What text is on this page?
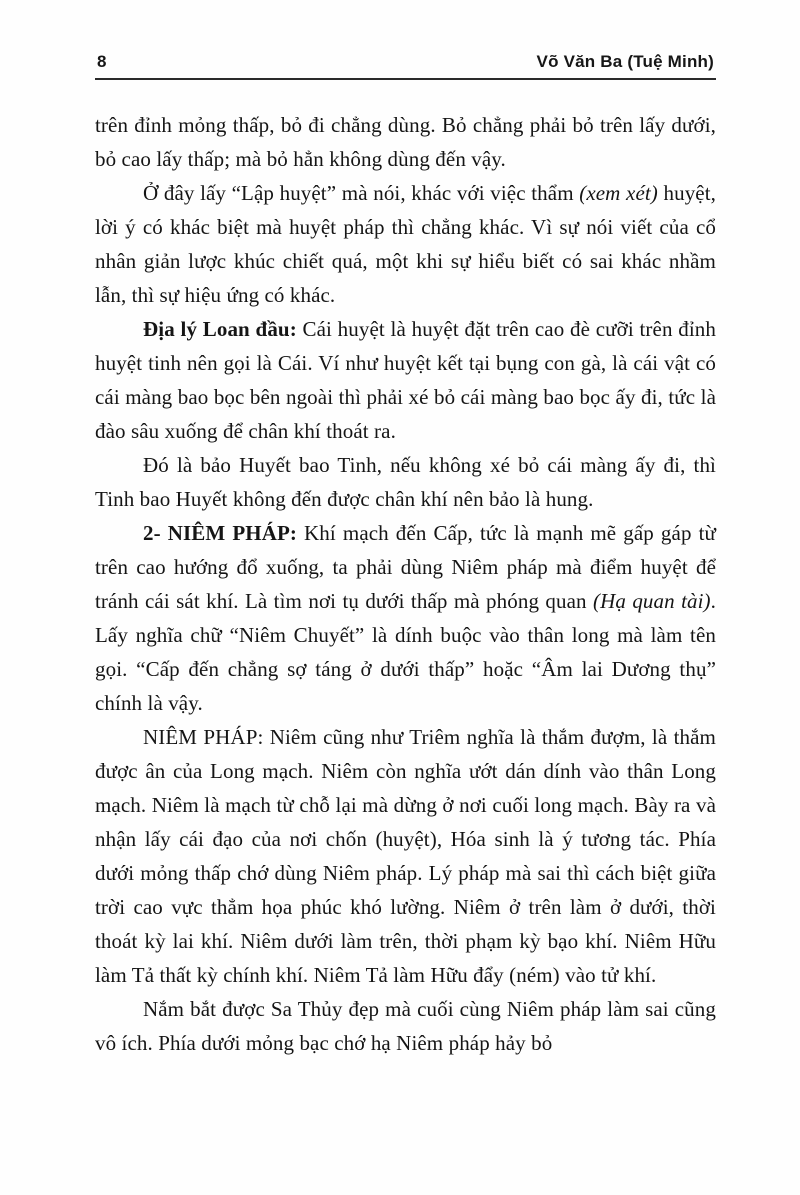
8	Võ Văn Ba (Tuệ Minh)

trên đỉnh mỏng thấp, bỏ đi chẳng dùng. Bỏ chẳng phải bỏ trên lấy dưới, bỏ cao lấy thấp; mà bỏ hẳn không dùng đến vậy.

Ở đây lấy “Lập huyệt” mà nói, khác với việc thẩm (xem xét) huyệt, lời ý có khác biệt mà huyệt pháp thì chẳng khác. Vì sự nói viết của cổ nhân giản lược khúc chiết quá, một khi sự hiểu biết có sai khác nhầm lẫn, thì sự hiệu ứng có khác.

Địa lý Loan đầu: Cái huyệt là huyệt đặt trên cao đè cưỡi trên đỉnh huyệt tinh nên gọi là Cái. Ví như huyệt kết tại bụng con gà, là cái vật có cái màng bao bọc bên ngoài thì phải xé bỏ cái màng bao bọc ấy đi, tức là đào sâu xuống để chân khí thoát ra.

Đó là bảo Huyết bao Tinh, nếu không xé bỏ cái màng ấy đi, thì Tinh bao Huyết không đến được chân khí nên bảo là hung.

2- NIÊM PHÁP: Khí mạch đến Cấp, tức là mạnh mẽ gấp gáp từ trên cao hướng đổ xuống, ta phải dùng Niêm pháp mà điểm huyệt để tránh cái sát khí. Là tìm nơi tụ dưới thấp mà phóng quan (Hạ quan tài). Lấy nghĩa chữ “Niêm Chuyết” là dính buộc vào thân long mà làm tên gọi. “Cấp đến chẳng sợ táng ở dưới thấp” hoặc “Âm lai Dương thụ” chính là vậy.

NIÊM PHÁP: Niêm cũng như Triêm nghĩa là thắm đượm, là thắm được ân của Long mạch. Niêm còn nghĩa ướt dán dính vào thân Long mạch. Niêm là mạch từ chỗ lại mà dừng ở nơi cuối long mạch. Bày ra và nhận lấy cái đạo của nơi chốn (huyệt), Hóa sinh là ý tương tác. Phía dưới mỏng thấp chớ dùng Niêm pháp. Lý pháp mà sai thì cách biệt giữa trời cao vực thẳm họa phúc khó lường. Niêm ở trên làm ở dưới, thời thoát kỳ lai khí. Niêm dưới làm trên, thời phạm kỳ bạo khí. Niêm Hữu làm Tả thất kỳ chính khí. Niêm Tả làm Hữu đẩy (ném) vào tử khí.

Nắm bắt được Sa Thủy đẹp mà cuối cùng Niêm pháp làm sai cũng vô ích. Phía dưới mỏng bạc chớ hạ Niêm pháp hảy bỏ
